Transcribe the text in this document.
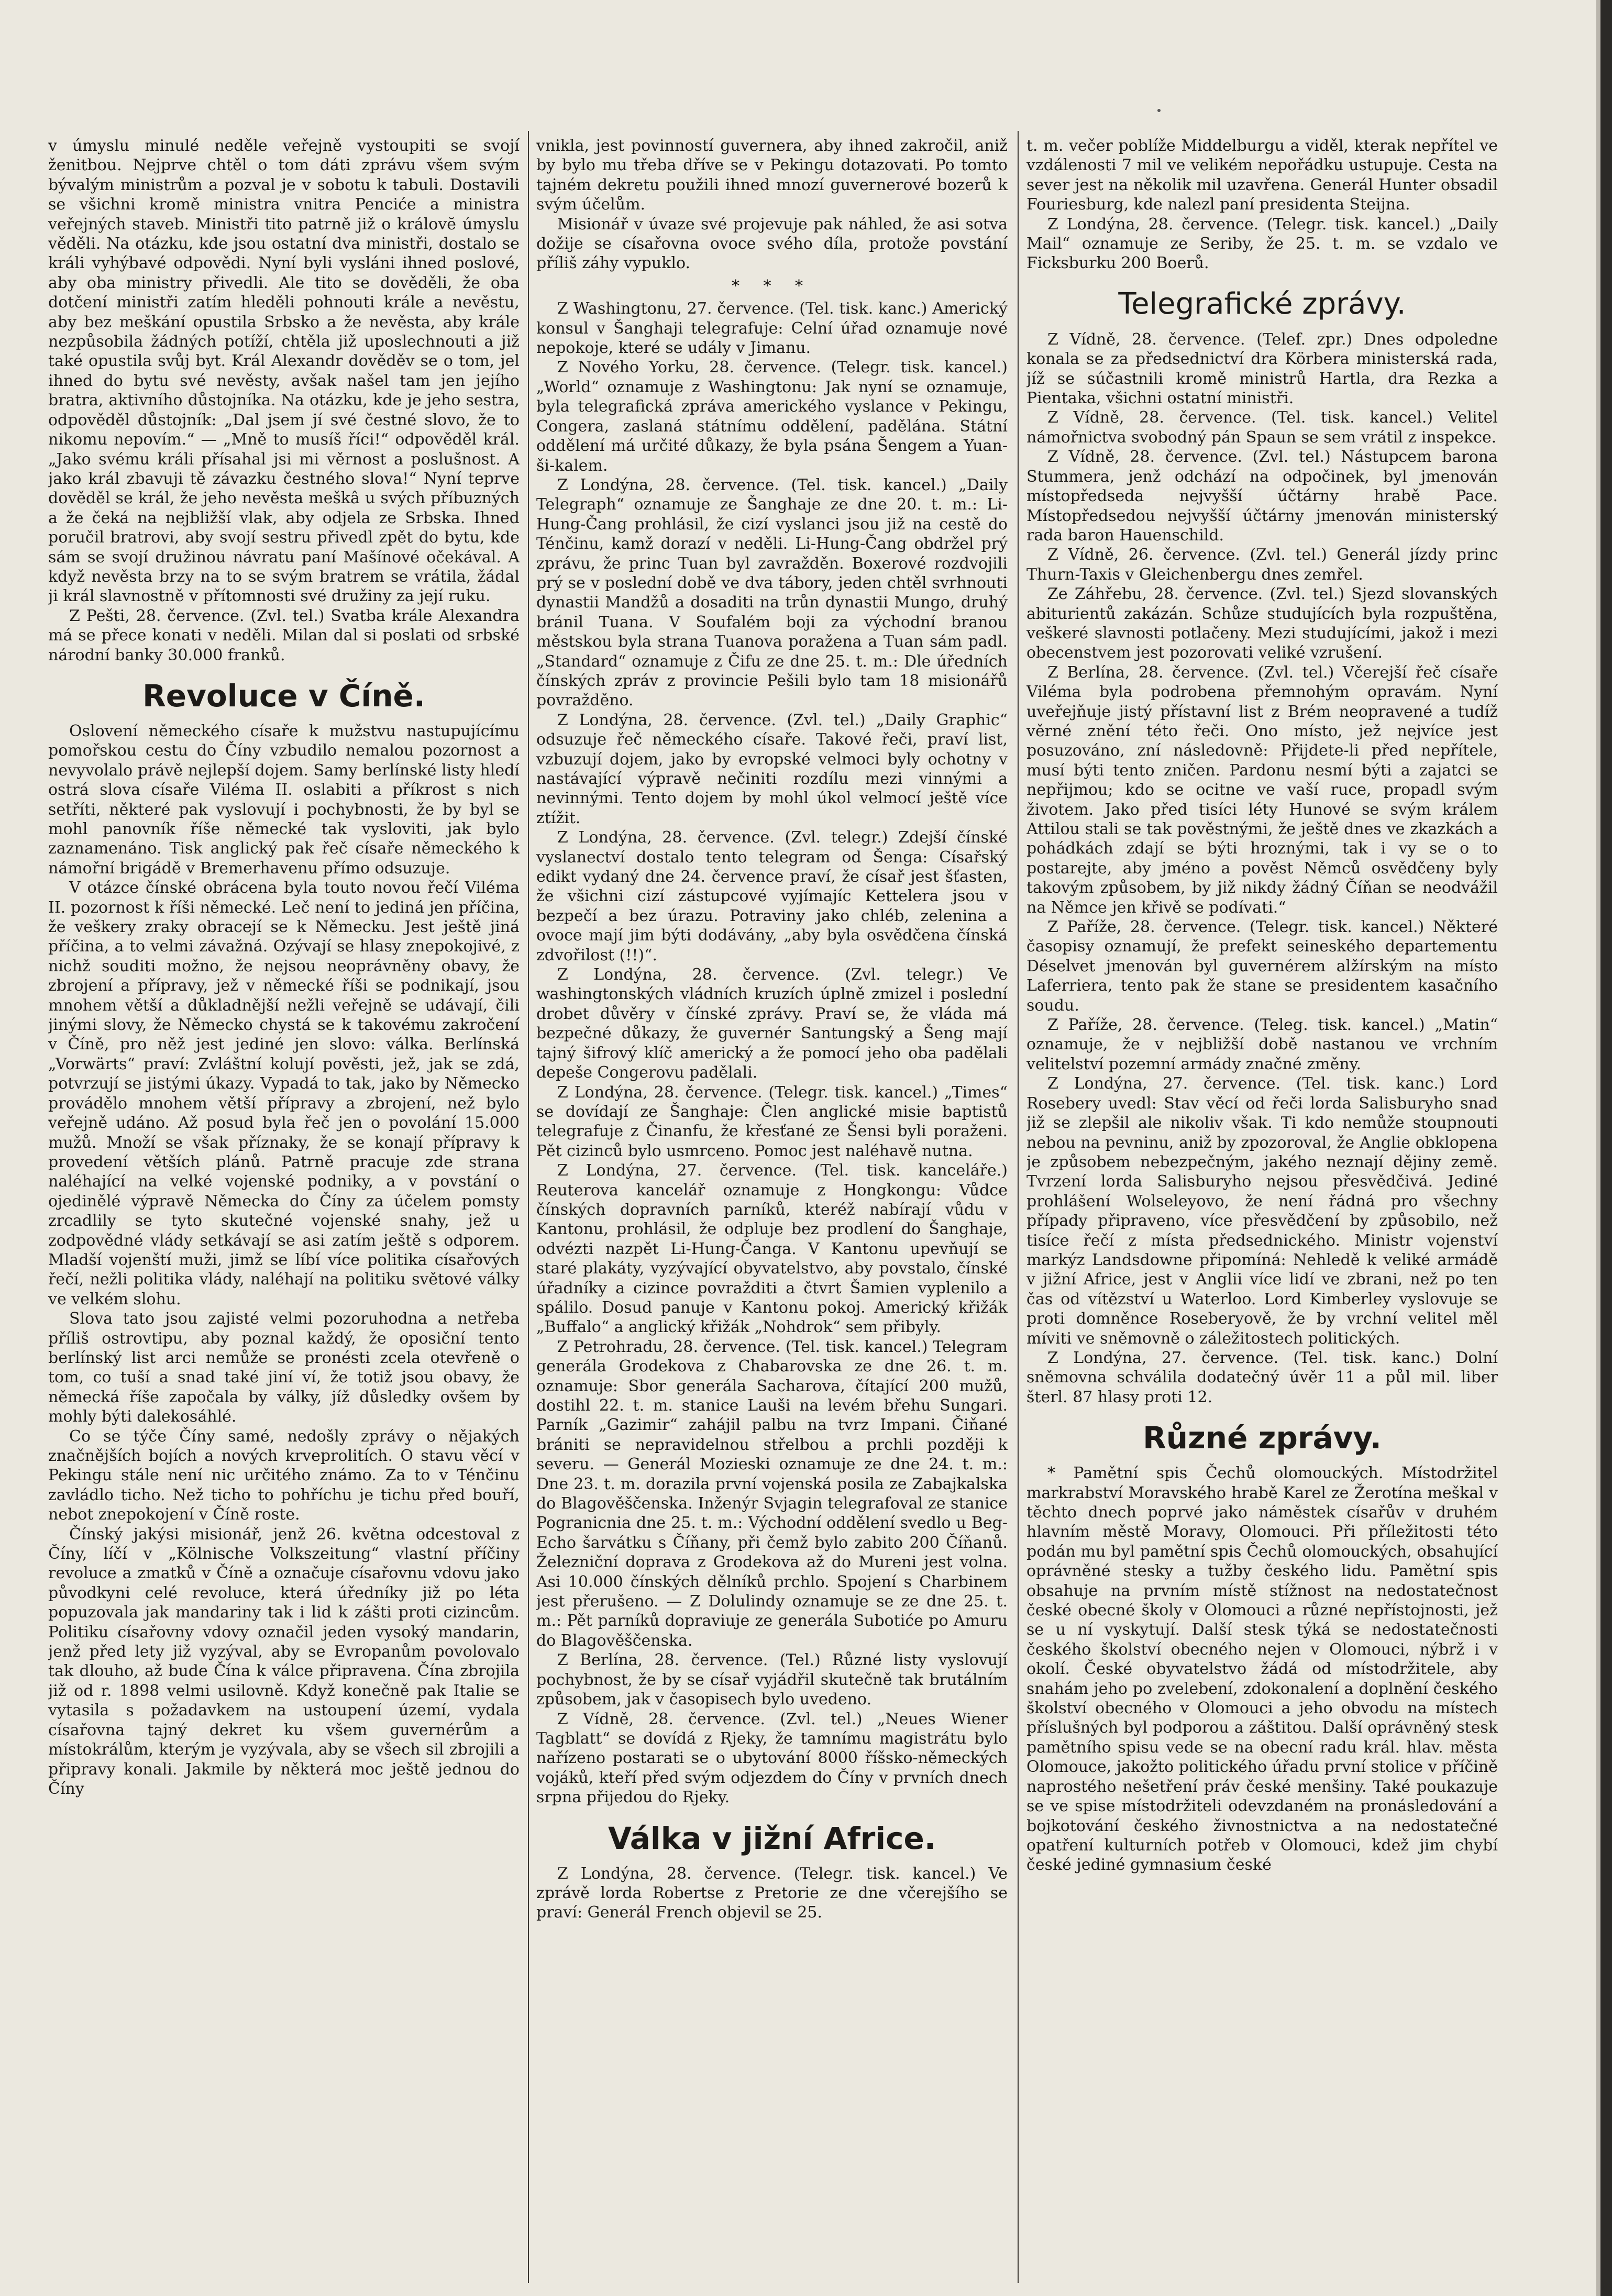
v úmyslu minulé neděle veřejně vystoupiti se svojí ženitbou. Nejprve chtěl o tom dáti zprávu všem svým bývalým ministrům a pozval je v sobotu k tabuli. Dostavili se všichni kromě ministra vnitra Penciće a ministra veřejných staveb. Ministři tito patrně již o královĕ úmyslu věděli. Na otázku, kde jsou ostatní dva ministři, dostalo se králi vyhýbavé odpovědi. Nyní byli vysláni ihned poslové, aby oba ministry přivedli. Ale tito se dověděli, že oba dotčení ministři zatím hleděli pohnouti krále a nevěstu, aby bez meškání opustila Srbsko a že nevěsta, aby krále nezpůsobila žádných potíží, chtěla již uposlechnouti a již také opustila svůj byt. Král Alexandr dověděv se o tom, jel ihned do bytu své nevěsty, avšak našel tam jen jejího bratra, aktivního důstojníka. Na otázku, kde je jeho sestra, odpověděl důstojník: „Dal jsem jí své čestné slovo, že to nikomu nepovím.“ — „Mně to musíš říci!“ odpověděl král. „Jako svému králi přísahal jsi mi věrnost a poslušnost. A jako král zbavuji tě závazku čestného slova!“ Nyní teprve dověděl se král, že jeho nevěsta meškâ u svých příbuzných a že čeká na nejbližší vlak, aby odjela ze Srbska. Ihned poručil bratrovi, aby svojí sestru přivedl zpět do bytu, kde sám se svojí družinou návratu paní Mašínové očekával. A když nevěsta brzy na to se svým bratrem se vrátila, žádal ji král slavnostně v přítomnosti své družiny za její ruku.

Z Pešti, 28. července. (Zvl. tel.) Svatba krále Alexandra má se přece konati v neděli. Milan dal si poslati od srbské národní banky 30.000 franků.

Revoluce v Číně.

Oslovení německého císaře k mužstvu nastupujícímu pomořskou cestu do Číny vzbudilo nemalou pozornost a nevyvolalo právě nejlepší dojem. Samy berlínské listy hledí ostrá slova císaře Viléma II. oslabiti a příkrost s nich setříti, některé pak vyslovují i pochybnosti, že by byl se mohl panovník říše německé tak vysloviti, jak bylo zaznamenáno. Tisk anglický pak řeč císaře německého k námořní brigádě v Bremerhavenu přímo odsuzuje.

V otázce čínské obrácena byla touto novou řečí Viléma II. pozornost k říši německé. Leč není to jediná jen příčina, že veškery zraky obracejí se k Německu. Jest ještě jiná příčina, a to velmi závažná. Ozývají se hlasy znepokojivé, z nichž souditi možno, že nejsou neoprávněny obavy, že zbrojení a přípravy, jež v německé říši se podnikají, jsou mnohem větší a důkladnější nežli veřejně se udávají, čili jinými slovy, že Německo chystá se k takovému zakročení v Číně, pro něž jest jediné jen slovo: válka. Berlínská „Vorwärts“ praví: Zvláštní kolují pověsti, jež, jak se zdá, potvrzují se jistými úkazy. Vypadá to tak, jako by Německo provádělo mnohem větší přípravy a zbrojení, než bylo veřejně udáno. Až posud byla řeč jen o povolání 15.000 mužů. Množí se však příznaky, že se konají přípravy k provedení větších plánů. Patrně pracuje zde strana naléhající na velké vojenské podniky, a v povstání o ojedinělé výpravě Německa do Číny za účelem pomsty zrcadlily se tyto skutečné vojenské snahy, jež u zodpovědné vlády setkávají se asi zatím ještě s odporem. Mladší vojenští muži, jimž se líbí více politika císařových řečí, nežli politika vlády, naléhají na politiku světové války ve velkém slohu.

Slova tato jsou zajisté velmi pozoruhodna a netřeba příliš ostrovtipu, aby poznal každý, že oposiční tento berlínský list arci nemůže se pronésti zcela otevřeně o tom, co tuší a snad také jiní ví, že totiž jsou obavy, že německá říše započala by války, jíž důsledky ovšem by mohly býti dalekosáhlé.

Co se týče Číny samé, nedošly zprávy o nějakých značnějších bojích a nových krveprolitích. O stavu věcí v Pekingu stále není nic určitého známo. Za to v Ténčinu zavládlo ticho. Než ticho to pohříchu je tichu před bouří, nebot znepokojení v Číně roste.

Čínský jakýsi misionář, jenž 26. května odcestoval z Číny, líčí v „Kölnische Volkszeitung“ vlastní příčiny revoluce a zmatků v Číně a označuje císařovnu vdovu jako původkyni celé revoluce, která úředníky již po léta popuzovala jak mandariny tak i lid k zášti proti cizincům. Politiku císařovny vdovy označil jeden vysoký mandarin, jenž před lety již vyzýval, aby se Evropanům povolovalo tak dlouho, až bude Čína k válce připravena. Čína zbrojila již od r. 1898 velmi usilovně. Když konečně pak Italie se vytasila s požadavkem na ustoupení území, vydala císařovna tajný dekret ku všem guvernérům a místokrálům, kterým je vyzývala, aby se všech sil zbrojili a připravy konali. Jakmile by některá moc ještě jednou do Číny

vnikla, jest povinností guvernera, aby ihned zakročil, aniž by bylo mu třeba dříve se v Pekingu dotazovati. Po tomto tajném dekretu použili ihned mnozí guvernerové bozerů k svým účelům.

Misionář v úvaze své projevuje pak náhled, že asi sotva dožije se císařovna ovoce svého díla, protože povstání příliš záhy vypuklo.

* * *

Z Washingtonu, 27. července. (Tel. tisk. kanc.) Americký konsul v Šanghaji telegrafuje: Celní úřad oznamuje nové nepokoje, které se udály v Jimanu.

Z Nového Yorku, 28. července. (Telegr. tisk. kancel.) „World“ oznamuje z Washingtonu: Jak nyní se oznamuje, byla telegrafická zpráva amerického vyslance v Pekingu, Congera, zaslaná státnímu oddělení, padělána. Státní oddělení má určité důkazy, že byla psána Šengem a Yuan-ši-kalem.

Z Londýna, 28. července. (Tel. tisk. kancel.) „Daily Telegraph“ oznamuje ze Šanghaje ze dne 20. t. m.: Li-Hung-Čang prohlásil, že cizí vyslanci jsou již na cestě do Ténčinu, kamž dorazí v neděli. Li-Hung-Čang obdržel prý zprávu, že princ Tuan byl zavražděn. Boxerové rozdvojili prý se v poslední době ve dva tábory, jeden chtěl svrhnouti dynastii Mandžů a dosaditi na trůn dynastii Mungo, druhý bránil Tuana. V Soufalém boji za východní branou městskou byla strana Tuanova poražena a Tuan sám padl. „Standard“ oznamuje z Čifu ze dne 25. t. m.: Dle úředních čínských zpráv z provincie Pešili bylo tam 18 misionářů povražděno.

Z Londýna, 28. července. (Zvl. tel.) „Daily Graphic“ odsuzuje řeč německého císaře. Takové řeči, praví list, vzbuzují dojem, jako by evropské velmoci byly ochotny v nastávající výpravě nečiniti rozdílu mezi vinnými a nevinnými. Tento dojem by mohl úkol velmocí ještě více ztížit.

Z Londýna, 28. července. (Zvl. telegr.) Zdejší čínské vyslanectví dostalo tento telegram od Šenga: Císařský edikt vydaný dne 24. července praví, že císař jest šťasten, že všichni cizí zástupcové vyjímajíc Kettelera jsou v bezpečí a bez úrazu. Potraviny jako chléb, zelenina a ovoce mají jim býti dodávány, „aby byla osvědčena čínská zdvořilost (!!)“.

Z Londýna, 28. července. (Zvl. telegr.) Ve washingtonských vládních kruzích úplně zmizel i poslední drobet důvěry v čínské zprávy. Praví se, že vláda má bezpečné důkazy, že guvernér Santungský a Šeng mají tajný šifrový klíč americký a že pomocí jeho oba padělali depeše Congerovu padělali.

Z Londýna, 28. července. (Telegr. tisk. kancel.) „Times“ se dovídají ze Šanghaje: Člen anglické misie baptistů telegrafuje z Činanfu, že křesťané ze Šensi byli poraženi. Pět cizinců bylo usmrceno. Pomoc jest naléhavě nutna.

Z Londýna, 27. července. (Tel. tisk. kanceláře.) Reuterova kancelář oznamuje z Hongkongu: Vůdce čínských dopravních parníků, kteréž nabírají vůdu v Kantonu, prohlásil, že odpluje bez prodlení do Šanghaje, odvézti nazpět Li-Hung-Čanga. V Kantonu upevňují se staré plakáty, vyzývající obyvatelstvo, aby povstalo, čínské úřadníky a cizince povražditi a čtvrt Šamien vyplenilo a spálilo. Dosud panuje v Kantonu pokoj. Americký křižák „Buffalo“ a anglický křižák „Nohdrok“ sem přibyly.

Z Petrohradu, 28. července. (Tel. tisk. kancel.) Telegram generála Grodekova z Chabarovska ze dne 26. t. m. oznamuje: Sbor generála Sacharova, čítající 200 mužů, dostihl 22. t. m. stanice Lauši na levém břehu Sungari. Parník „Gazimir“ zahájil palbu na tvrz Impani. Čiňané brániti se nepravidelnou střelbou a prchli později k severu. — Generál Mozieski oznamuje ze dne 24. t. m.: Dne 23. t. m. dorazila první vojenská posila ze Zabajkalska do Blagověščenska. Inženýr Svjagin telegrafoval ze stanice Pogranicnia dne 25. t. m.: Východní oddělení svedlo u Beg-Echo šarvátku s Číňany, při čemž bylo zabito 200 Číňanů. Železniční doprava z Grodekova až do Mureni jest volna. Asi 10.000 čínských dělníků prchlo. Spojení s Charbinem jest přerušeno. — Z Dolulindy oznamuje se ze dne 25. t. m.: Pět parníků dopraviuje ze generála Subotiće po Amuru do Blagověščenska.

Z Berlína, 28. července. (Tel.) Různé listy vyslovují pochybnost, že by se císař vyjádřil skutečně tak brutálním způsobem, jak v časopisech bylo uvedeno.

Z Vídně, 28. července. (Zvl. tel.) „Neues Wiener Tagblatt“ se dovídá z Rjeky, že tamnímu magistrátu bylo nařízeno postarati se o ubytování 8000 říšsko-německých vojáků, kteří před svým odjezdem do Číny v prvních dnech srpna přijedou do Rjeky.

Válka v jižní Africe.

Z Londýna, 28. července. (Telegr. tisk. kancel.) Ve zprávě lorda Robertse z Pretorie ze dne včerejšího se praví: Generál French objevil se 25.

t. m. večer poblíže Middelburgu a viděl, kterak nepřítel ve vzdálenosti 7 mil ve velikém nepořádku ustupuje. Cesta na sever jest na několik mil uzavřena. Generál Hunter obsadil Fouriesburg, kde nalezl paní presidenta Steijna.

Z Londýna, 28. července. (Telegr. tisk. kancel.) „Daily Mail“ oznamuje ze Seriby, že 25. t. m. se vzdalo ve Ficksburku 200 Boerů.

Telegrafické zprávy.

Z Vídně, 28. července. (Telef. zpr.) Dnes odpoledne konala se za předsednictví dra Körbera ministerská rada, jíž se súčastnili kromě ministrů Hartla, dra Rezka a Pientaka, všichni ostatní ministři.

Z Vídně, 28. července. (Tel. tisk. kancel.) Velitel námořnictva svobodný pán Spaun se sem vrátil z inspekce.

Z Vídně, 28. července. (Zvl. tel.) Nástupcem barona Stummera, jenž odchází na odpočinek, byl jmenován místopředseda nejvyšší účtárny hrabě Pace. Místopředsedou nejvyšší účtárny jmenován ministerský rada baron Hauenschild.

Z Vídně, 26. července. (Zvl. tel.) Generál jízdy princ Thurn-Taxis v Gleichenbergu dnes zemřel.

Ze Záhřebu, 28. července. (Zvl. tel.) Sjezd slovanských abiturientů zakázán. Schůze studujících byla rozpuštěna, veškeré slavnosti potlačeny. Mezi studujícími, jakož i mezi obecenstvem jest pozorovati veliké vzrušení.

Z Berlína, 28. července. (Zvl. tel.) Včerejší řeč císaře Viléma byla podrobena přemnohým opravám. Nyní uveřejňuje jistý přístavní list z Brém neopravené a tudíž věrné znění této řeči. Ono místo, jež nejvíce jest posuzováno, zní následovně: Přijdete-li před nepřítele, musí býti tento zničen. Pardonu nesmí býti a zajatci se nepřijmou; kdo se ocitne ve vaší ruce, propadl svým životem. Jako před tisíci léty Hunové se svým králem Attilou stali se tak pověstnými, že ještě dnes ve zkazkách a pohádkách zdají se býti hroznými, tak i vy se o to postarejte, aby jméno a pověst Němců osvědčeny byly takovým způsobem, by již nikdy žádný Číňan se neodvážil na Němce jen křivě se podívati.“

Z Paříže, 28. července. (Telegr. tisk. kancel.) Některé časopisy oznamují, že prefekt seineského departementu Déselvet jmenován byl guvernérem alžírským na místo Laferriera, tento pak že stane se presidentem kasačního soudu.

Z Paříže, 28. července. (Teleg. tisk. kancel.) „Matin“ oznamuje, že v nejbližší době nastanou ve vrchním velitelství pozemní armády značné změny.

Z Londýna, 27. července. (Tel. tisk. kanc.) Lord Rosebery uvedl: Stav věcí od řeči lorda Salisburyho snad již se zlepšil ale nikoliv však. Ti kdo nemůže stoupnouti nebou na pevninu, aniž by zpozoroval, že Anglie obklopena je způsobem nebezpečným, jakého neznají dějiny země. Tvrzení lorda Salisburyho nejsou přesvědčivá. Jediné prohlášení Wolseleyovo, že není řádná pro všechny případy připraveno, více přesvědčení by způsobilo, než tisíce řečí z místa předsednického. Ministr vojenství markýz Landsdowne připomíná: Nehledě k veliké armádě v jižní Africe, jest v Anglii více lidí ve zbrani, než po ten čas od vítězství u Waterloo. Lord Kimberley vyslovuje se proti domněnce Roseberyově, že by vrchní velitel měl míviti ve sněmovně o záležitostech politických.

Z Londýna, 27. července. (Tel. tisk. kanc.) Dolní sněmovna schválila dodatečný úvěr 11 a půl mil. liber šterl. 87 hlasy proti 12.

Různé zprávy.

* Pamětní spis Čechů olomouckých. Místodržitel markrabství Moravského hrabě Karel ze Žerotína meškal v těchto dnech poprvé jako náměstek císařův v druhém hlavním městě Moravy, Olomouci. Při příležitosti této podán mu byl pamětní spis Čechů olomouckých, obsahující oprávněné stesky a tužby českého lidu. Pamětní spis obsahuje na prvním místě stížnost na nedostatečnost české obecné školy v Olomouci a různé nepřístojnosti, jež se u ní vyskytují. Další stesk týká se nedostatečnosti českého školství obecného nejen v Olomouci, nýbrž i v okolí. České obyvatelstvo žádá od místodržitele, aby snahám jeho po zvelebení, zdokonalení a doplnění českého školství obecného v Olomouci a jeho obvodu na místech příslušných byl podporou a záštitou. Další oprávněný stesk pamětního spisu vede se na obecní radu král. hlav. města Olomouce, jakožto politického úřadu první stolice v příčině naprostého nešetření práv české menšiny. Také poukazuje se ve spise místodržiteli odevzdaném na pronásledování a bojkotování českého živnostnictva a na nedostatečné opatření kulturních potřeb v Olomouci, kdež jim chybí české jediné gymnasium české
